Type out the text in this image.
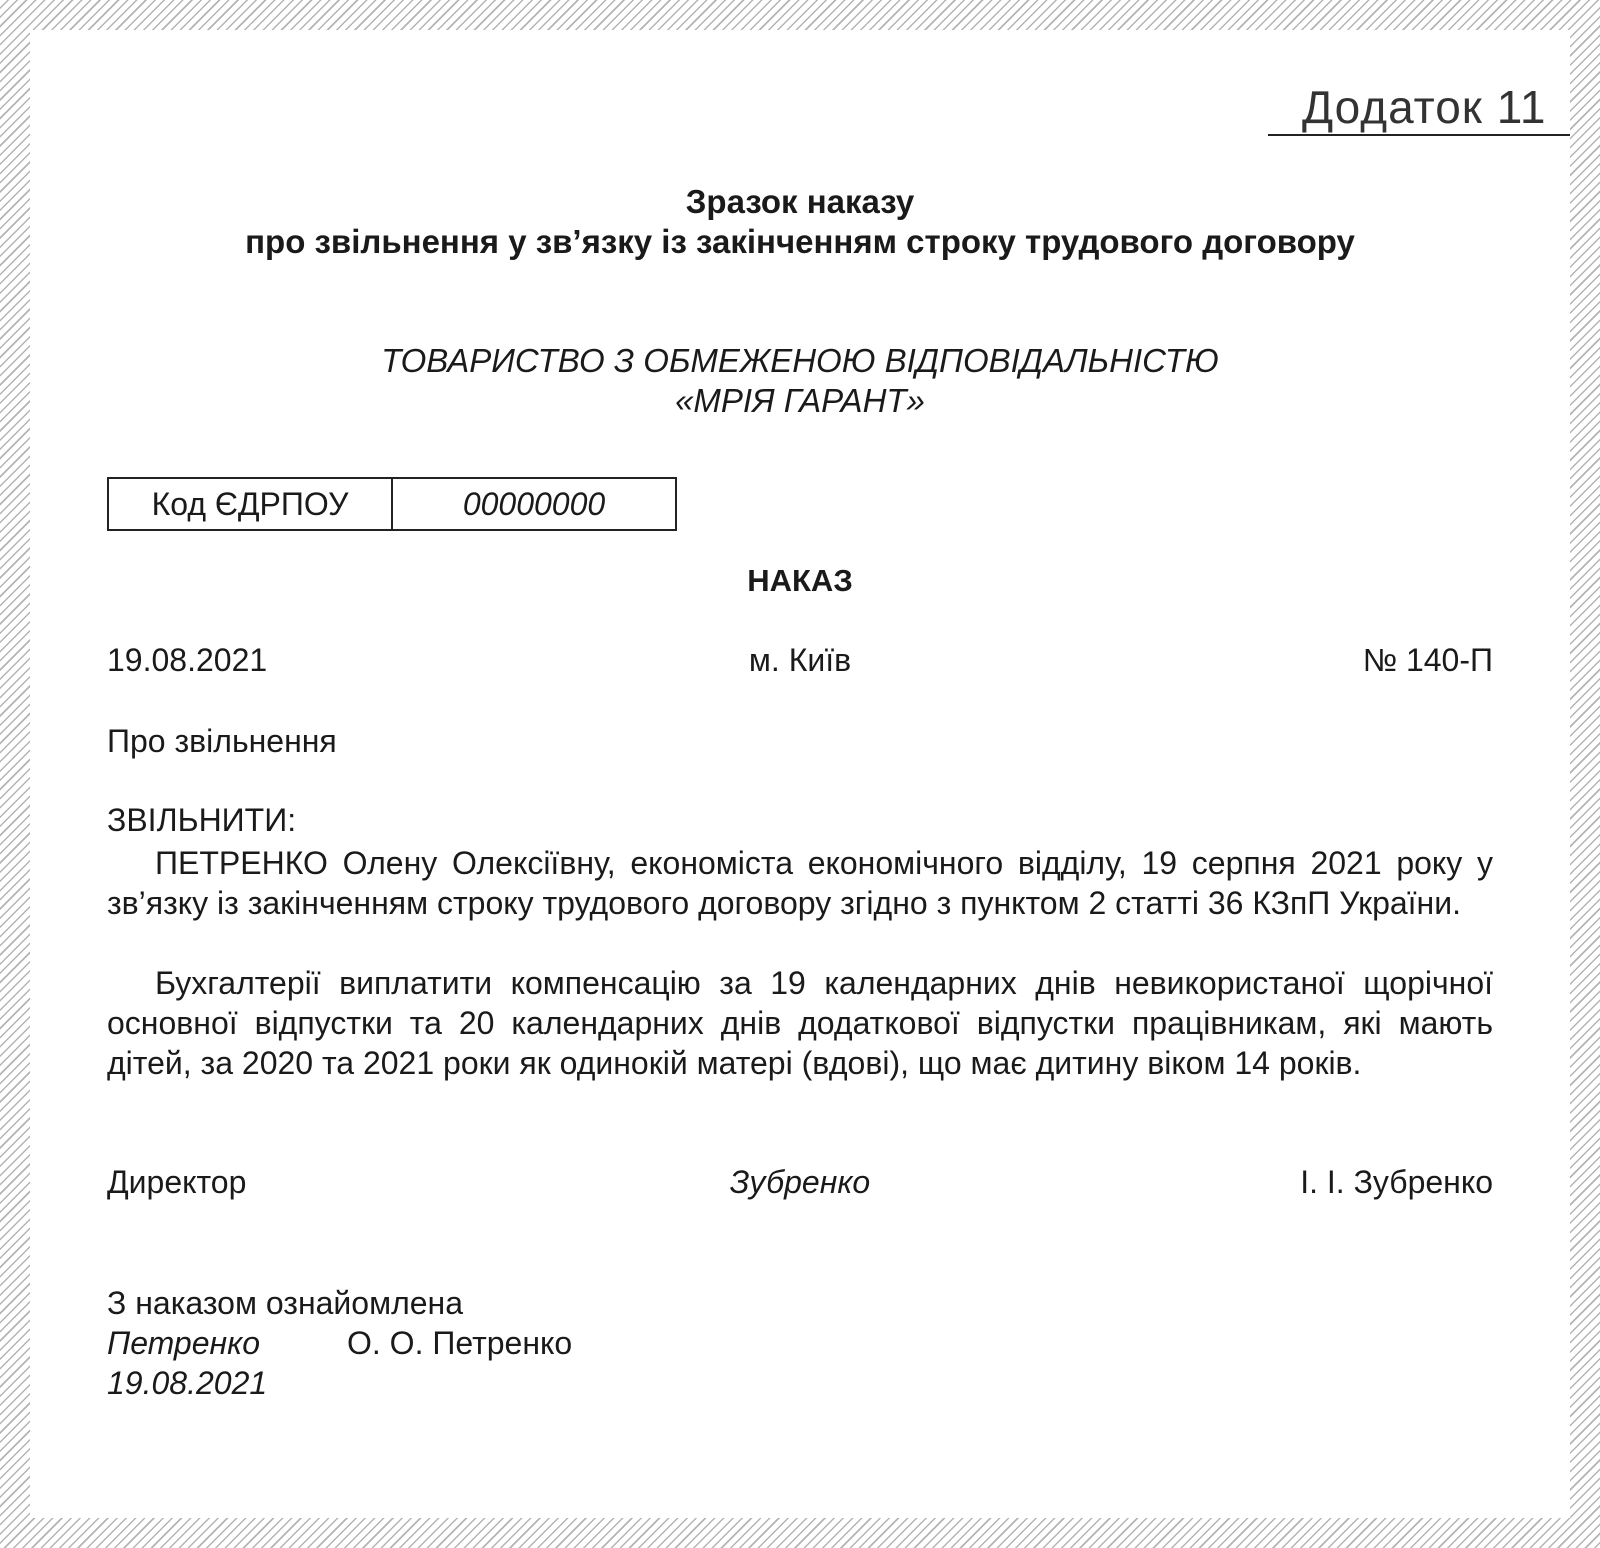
Додаток 11
Зразок наказу
про звільнення у зв’язку із закінченням строку трудового договору
ТОВАРИСТВО З ОБМЕЖЕНОЮ ВІДПОВІДАЛЬНІСТЮ
«МРІЯ ГАРАНТ»
Код ЄДРПОУ	00000000
НАКАЗ
19.08.2021	м. Київ	№ 140-П
Про звільнення
ЗВІЛЬНИТИ:
ПЕТРЕНКО Олену Олексіївну, економіста економічного відділу, 19 серпня 2021 року у зв’язку із закінченням строку трудового договору згідно з пунктом 2 статті 36 КЗпП України.
Бухгалтерії виплатити компенсацію за 19 календарних днів невикористаної щорічної основної відпустки та 20 календарних днів додаткової відпустки працівникам, які мають дітей, за 2020 та 2021 роки як одинокій матері (вдові), що має дитину віком 14 років.
Директор	Зубренко	І. І. Зубренко
З наказом ознайомлена
Петренко	О. О. Петренко
19.08.2021
